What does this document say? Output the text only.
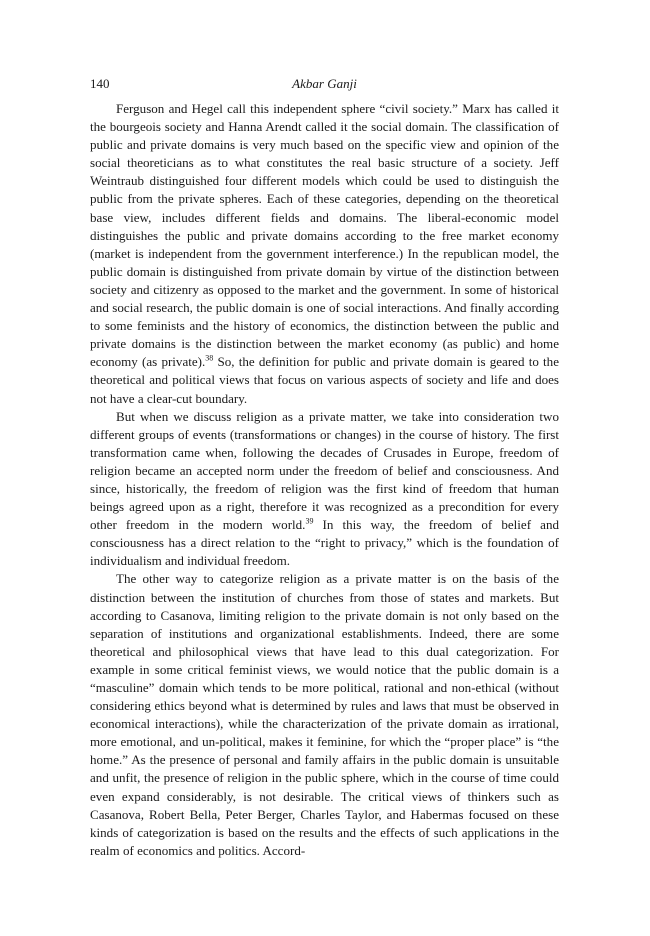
140	Akbar Ganji

Ferguson and Hegel call this independent sphere “civil society.” Marx has called it the bourgeois society and Hanna Arendt called it the social domain. The classification of public and private domains is very much based on the specific view and opinion of the social theoreticians as to what constitutes the real basic structure of a society. Jeff Weintraub distinguished four different models which could be used to distinguish the public from the private spheres. Each of these categories, depending on the theoretical base view, includes different fields and domains. The liberal-economic model distinguishes the public and private domains according to the free market economy (market is independent from the government interference.) In the republican model, the public domain is distinguished from private domain by virtue of the distinction between society and citizenry as opposed to the market and the government. In some of historical and social research, the public domain is one of social interactions. And finally according to some feminists and the history of economics, the distinction between the public and private domains is the distinction between the market economy (as public) and home economy (as private).$^{38}$ So, the definition for public and private domain is geared to the theoretical and political views that focus on various aspects of society and life and does not have a clear-cut boundary.

But when we discuss religion as a private matter, we take into consideration two different groups of events (transformations or changes) in the course of history. The first transformation came when, following the decades of Crusades in Europe, freedom of religion became an accepted norm under the freedom of belief and consciousness. And since, historically, the freedom of religion was the first kind of freedom that human beings agreed upon as a right, therefore it was recognized as a precondition for every other freedom in the modern world.$^{39}$ In this way, the freedom of belief and consciousness has a direct relation to the “right to privacy,” which is the foundation of individualism and individual freedom.

The other way to categorize religion as a private matter is on the basis of the distinction between the institution of churches from those of states and markets. But according to Casanova, limiting religion to the private domain is not only based on the separation of institutions and organizational establishments. Indeed, there are some theoretical and philosophical views that have lead to this dual categorization. For example in some critical feminist views, we would notice that the public domain is a “masculine” domain which tends to be more political, rational and non-ethical (without considering ethics beyond what is determined by rules and laws that must be observed in economical interactions), while the characterization of the private domain as irrational, more emotional, and un-political, makes it feminine, for which the “proper place” is “the home.” As the presence of personal and family affairs in the public domain is unsuitable and unfit, the presence of religion in the public sphere, which in the course of time could even expand considerably, is not desirable. The critical views of thinkers such as Casanova, Robert Bella, Peter Berger, Charles Taylor, and Habermas focused on these kinds of categorization is based on the results and the effects of such applications in the realm of economics and politics. Accord-
